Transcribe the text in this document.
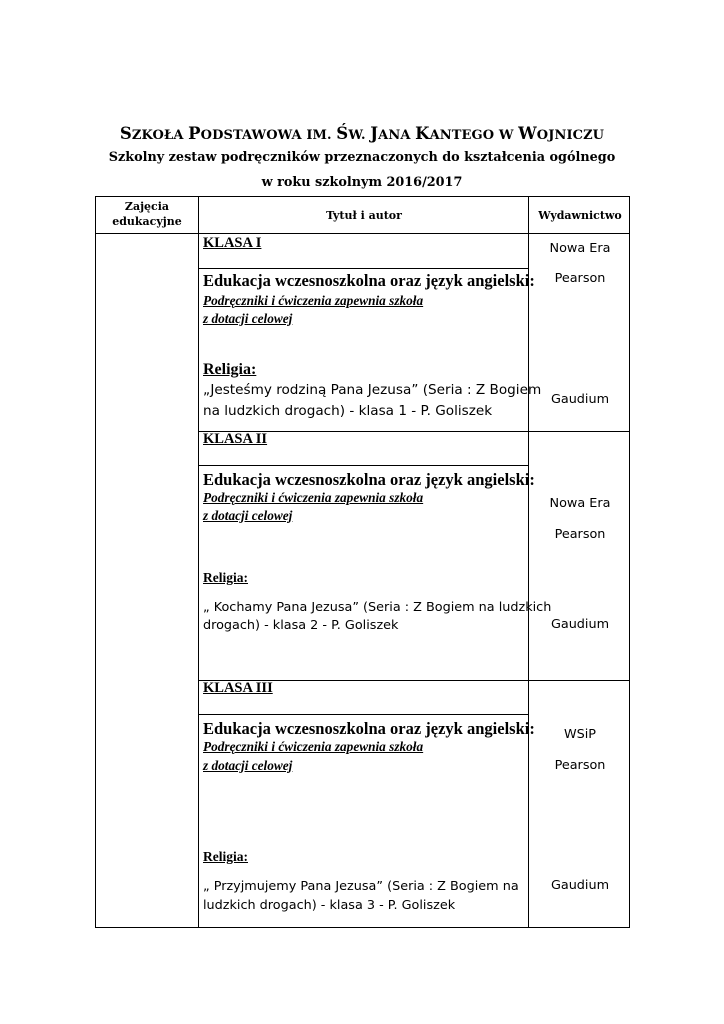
SZKOŁA PODSTAWOWA IM. ŚW. JANA KANTEGO W WOJNICZU
Szkolny zestaw podręczników przeznaczonych do kształcenia ogólnego
w roku szkolnym 2016/2017
Zajęcia
edukacyjne	Tytuł i autor	Wydawnictwo
KLASA I
Edukacja wczesnoszkolna oraz język angielski:
Podręczniki i ćwiczenia zapewnia szkoła
z dotacji celowej
Religia:
„Jesteśmy rodziną Pana Jezusa” (Seria : Z Bogiem
na ludzkich drogach) - klasa 1 - P. Goliszek
Nowa Era
Pearson
Gaudium
KLASA II
Edukacja wczesnoszkolna oraz język angielski:
Podręczniki i ćwiczenia zapewnia szkoła
z dotacji celowej
Religia:
„ Kochamy Pana Jezusa” (Seria : Z Bogiem na ludzkich
drogach) - klasa 2 - P. Goliszek
Nowa Era
Pearson
Gaudium
KLASA III
Edukacja wczesnoszkolna oraz język angielski:
Podręczniki i ćwiczenia zapewnia szkoła
z dotacji celowej
Religia:
„ Przyjmujemy Pana Jezusa” (Seria : Z Bogiem na
ludzkich drogach) - klasa 3 - P. Goliszek
WSiP
Pearson
Gaudium
